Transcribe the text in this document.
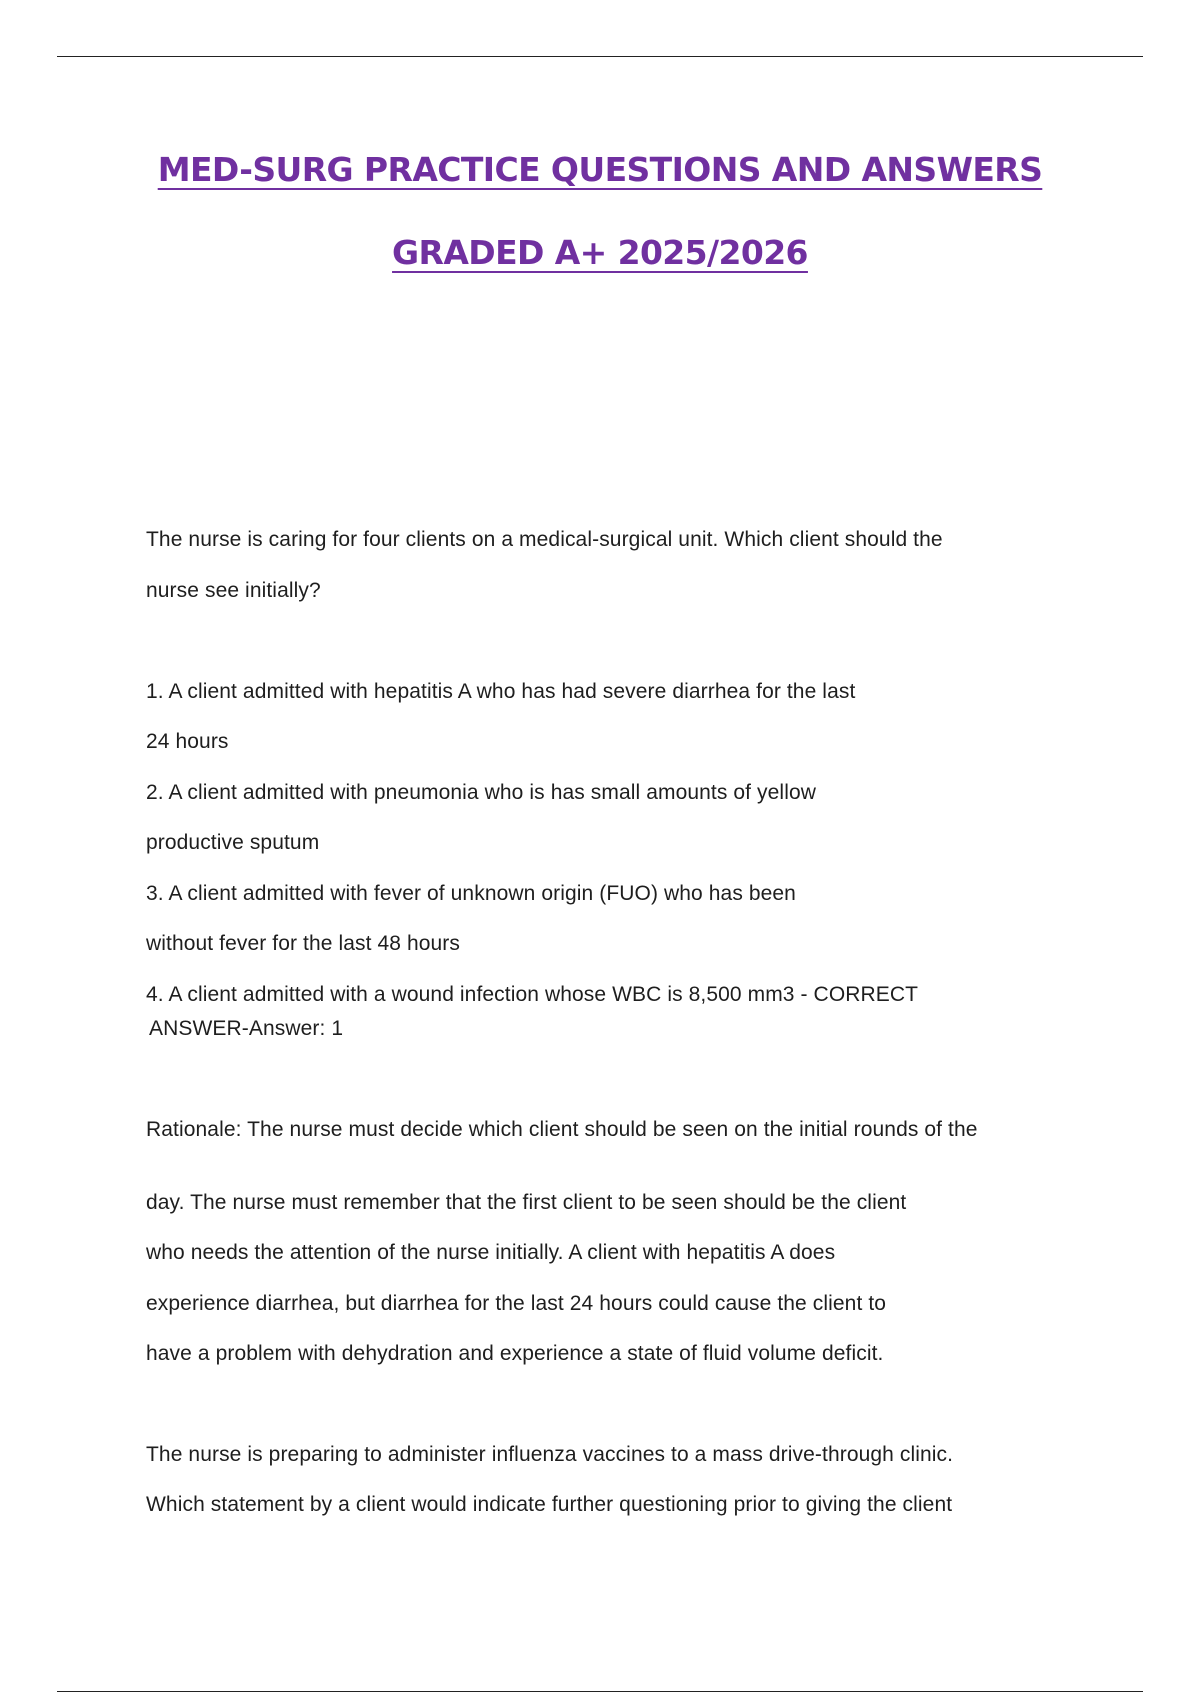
MED-SURG PRACTICE QUESTIONS AND ANSWERS
GRADED A+ 2025/2026
The nurse is caring for four clients on a medical-surgical unit. Which client should the
nurse see initially?
1. A client admitted with hepatitis A who has had severe diarrhea for the last
24 hours
2. A client admitted with pneumonia who is has small amounts of yellow
productive sputum
3. A client admitted with fever of unknown origin (FUO) who has been
without fever for the last 48 hours
4. A client admitted with a wound infection whose WBC is 8,500 mm3 - CORRECT
ANSWER-Answer: 1
Rationale: The nurse must decide which client should be seen on the initial rounds of the
day. The nurse must remember that the first client to be seen should be the client
who needs the attention of the nurse initially. A client with hepatitis A does
experience diarrhea, but diarrhea for the last 24 hours could cause the client to
have a problem with dehydration and experience a state of fluid volume deficit.
The nurse is preparing to administer influenza vaccines to a mass drive-through clinic.
Which statement by a client would indicate further questioning prior to giving the client
